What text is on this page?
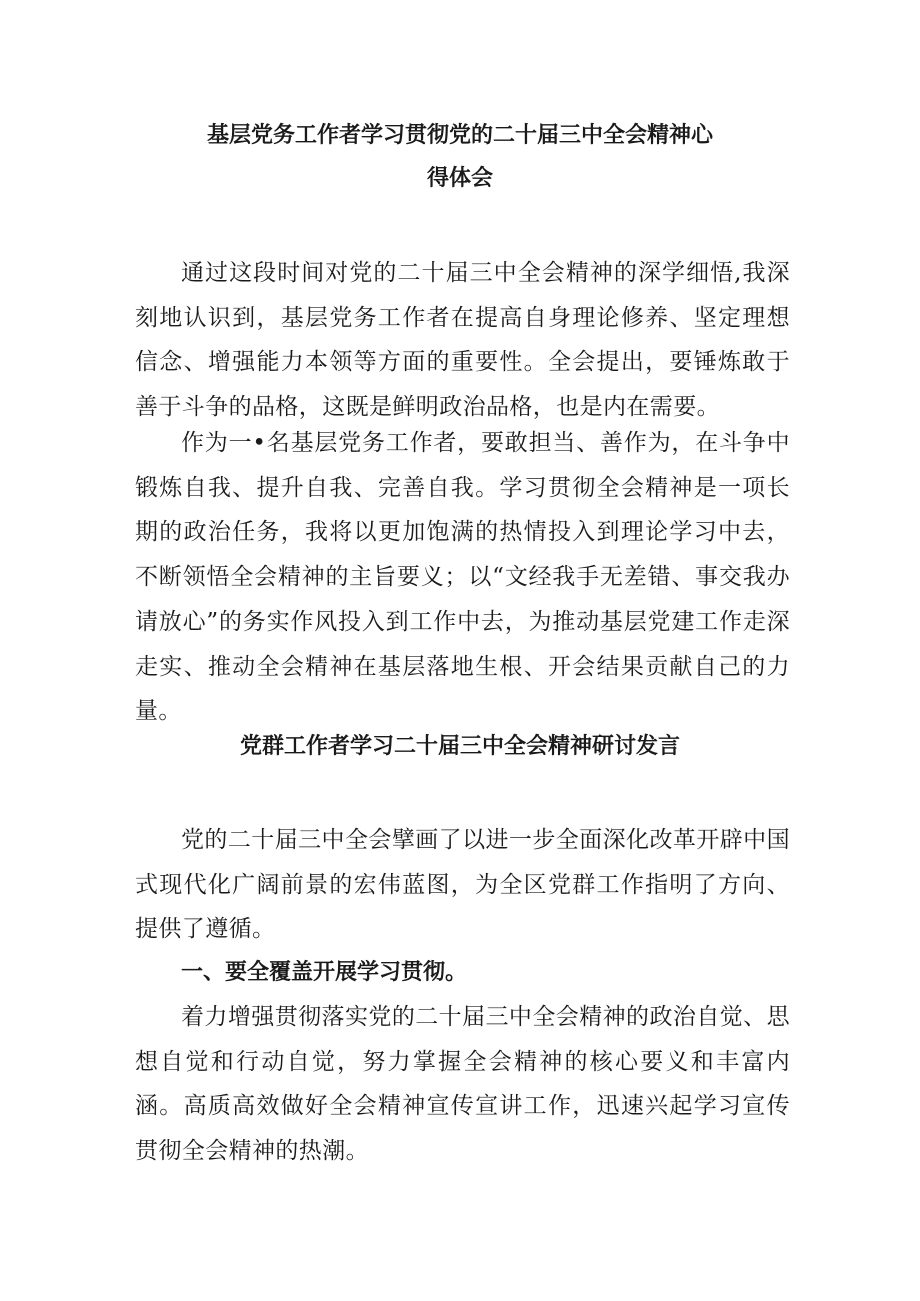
基层党务工作者学习贯彻党的二十届三中全会精神心
得体会

通过这段时间对党的二十届三中全会精神的深学细悟,我深刻地认识到，基层党务工作者在提高自身理论修养、坚定理想信念、增强能力本领等方面的重要性。全会提出，要锤炼敢于善于斗争的品格，这既是鲜明政治品格，也是内在需要。

作为一•名基层党务工作者，要敢担当、善作为，在斗争中锻炼自我、提升自我、完善自我。学习贯彻全会精神是一项长期的政治任务，我将以更加饱满的热情投入到理论学习中去，不断领悟全会精神的主旨要义；以“文经我手无差错、事交我办请放心”的务实作风投入到工作中去，为推动基层党建工作走深走实、推动全会精神在基层落地生根、开会结果贡献自己的力量。

党群工作者学习二十届三中全会精神研讨发言

党的二十届三中全会擘画了以进一步全面深化改革开辟中国式现代化广阔前景的宏伟蓝图，为全区党群工作指明了方向、提供了遵循。

一、要全覆盖开展学习贯彻。

着力增强贯彻落实党的二十届三中全会精神的政治自觉、思想自觉和行动自觉，努力掌握全会精神的核心要义和丰富内涵。高质高效做好全会精神宣传宣讲工作，迅速兴起学习宣传贯彻全会精神的热潮。
